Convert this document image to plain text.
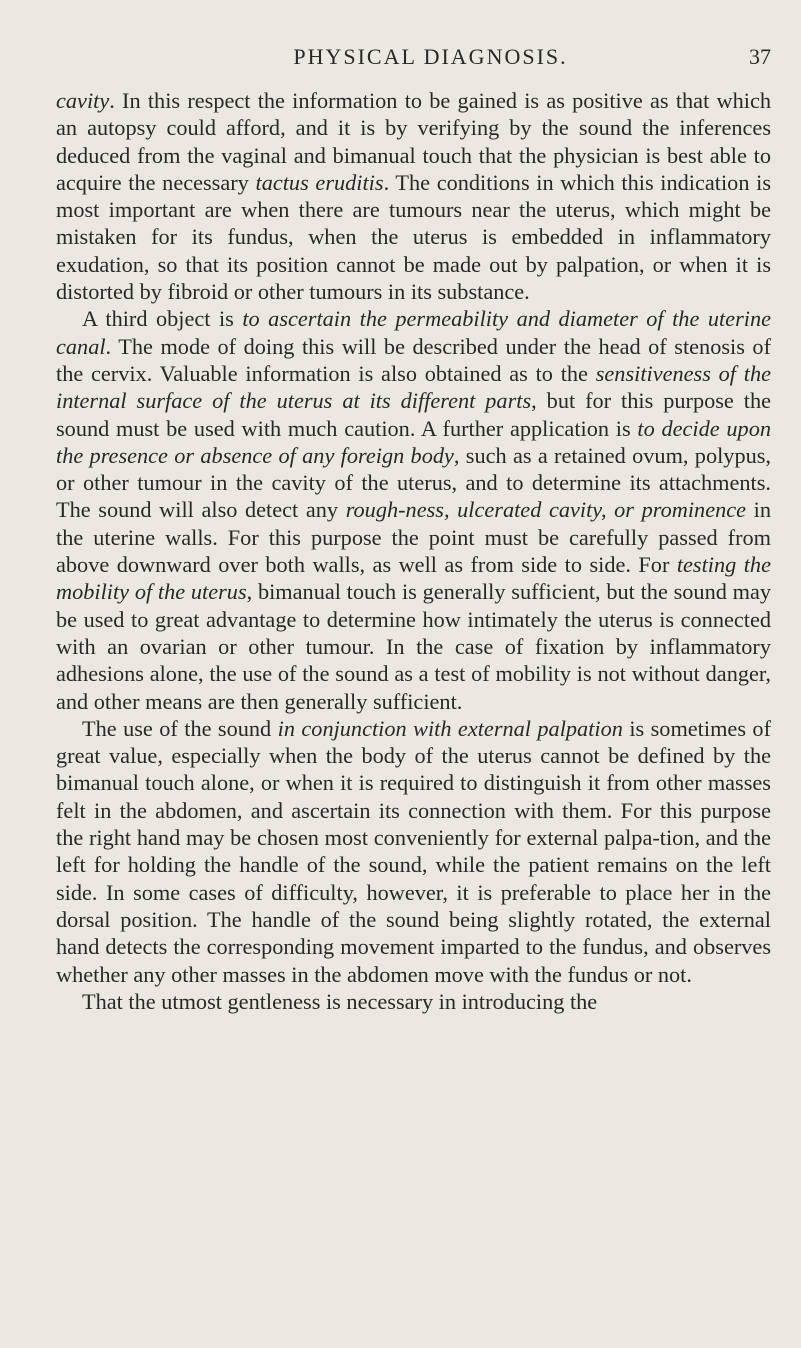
PHYSICAL DIAGNOSIS.	37

cavity. In this respect the information to be gained is as positive as that which an autopsy could afford, and it is by verifying by the sound the inferences deduced from the vaginal and bimanual touch that the physician is best able to acquire the necessary tactus eruditis. The conditions in which this indication is most important are when there are tumours near the uterus, which might be mistaken for its fundus, when the uterus is embedded in inflammatory exudation, so that its position cannot be made out by palpation, or when it is distorted by fibroid or other tumours in its substance.

A third object is to ascertain the permeability and diameter of the uterine canal. The mode of doing this will be described under the head of stenosis of the cervix. Valuable information is also obtained as to the sensitiveness of the internal surface of the uterus at its different parts, but for this purpose the sound must be used with much caution. A further application is to decide upon the presence or absence of any foreign body, such as a retained ovum, polypus, or other tumour in the cavity of the uterus, and to determine its attachments. The sound will also detect any rough-ness, ulcerated cavity, or prominence in the uterine walls. For this purpose the point must be carefully passed from above downward over both walls, as well as from side to side. For testing the mobility of the uterus, bimanual touch is generally sufficient, but the sound may be used to great advantage to determine how intimately the uterus is connected with an ovarian or other tumour. In the case of fixation by inflammatory adhesions alone, the use of the sound as a test of mobility is not without danger, and other means are then generally sufficient.

The use of the sound in conjunction with external palpation is sometimes of great value, especially when the body of the uterus cannot be defined by the bimanual touch alone, or when it is required to distinguish it from other masses felt in the abdomen, and ascertain its connection with them. For this purpose the right hand may be chosen most conveniently for external palpa-tion, and the left for holding the handle of the sound, while the patient remains on the left side. In some cases of difficulty, however, it is preferable to place her in the dorsal position. The handle of the sound being slightly rotated, the external hand detects the corresponding movement imparted to the fundus, and observes whether any other masses in the abdomen move with the fundus or not.

That the utmost gentleness is necessary in introducing the
